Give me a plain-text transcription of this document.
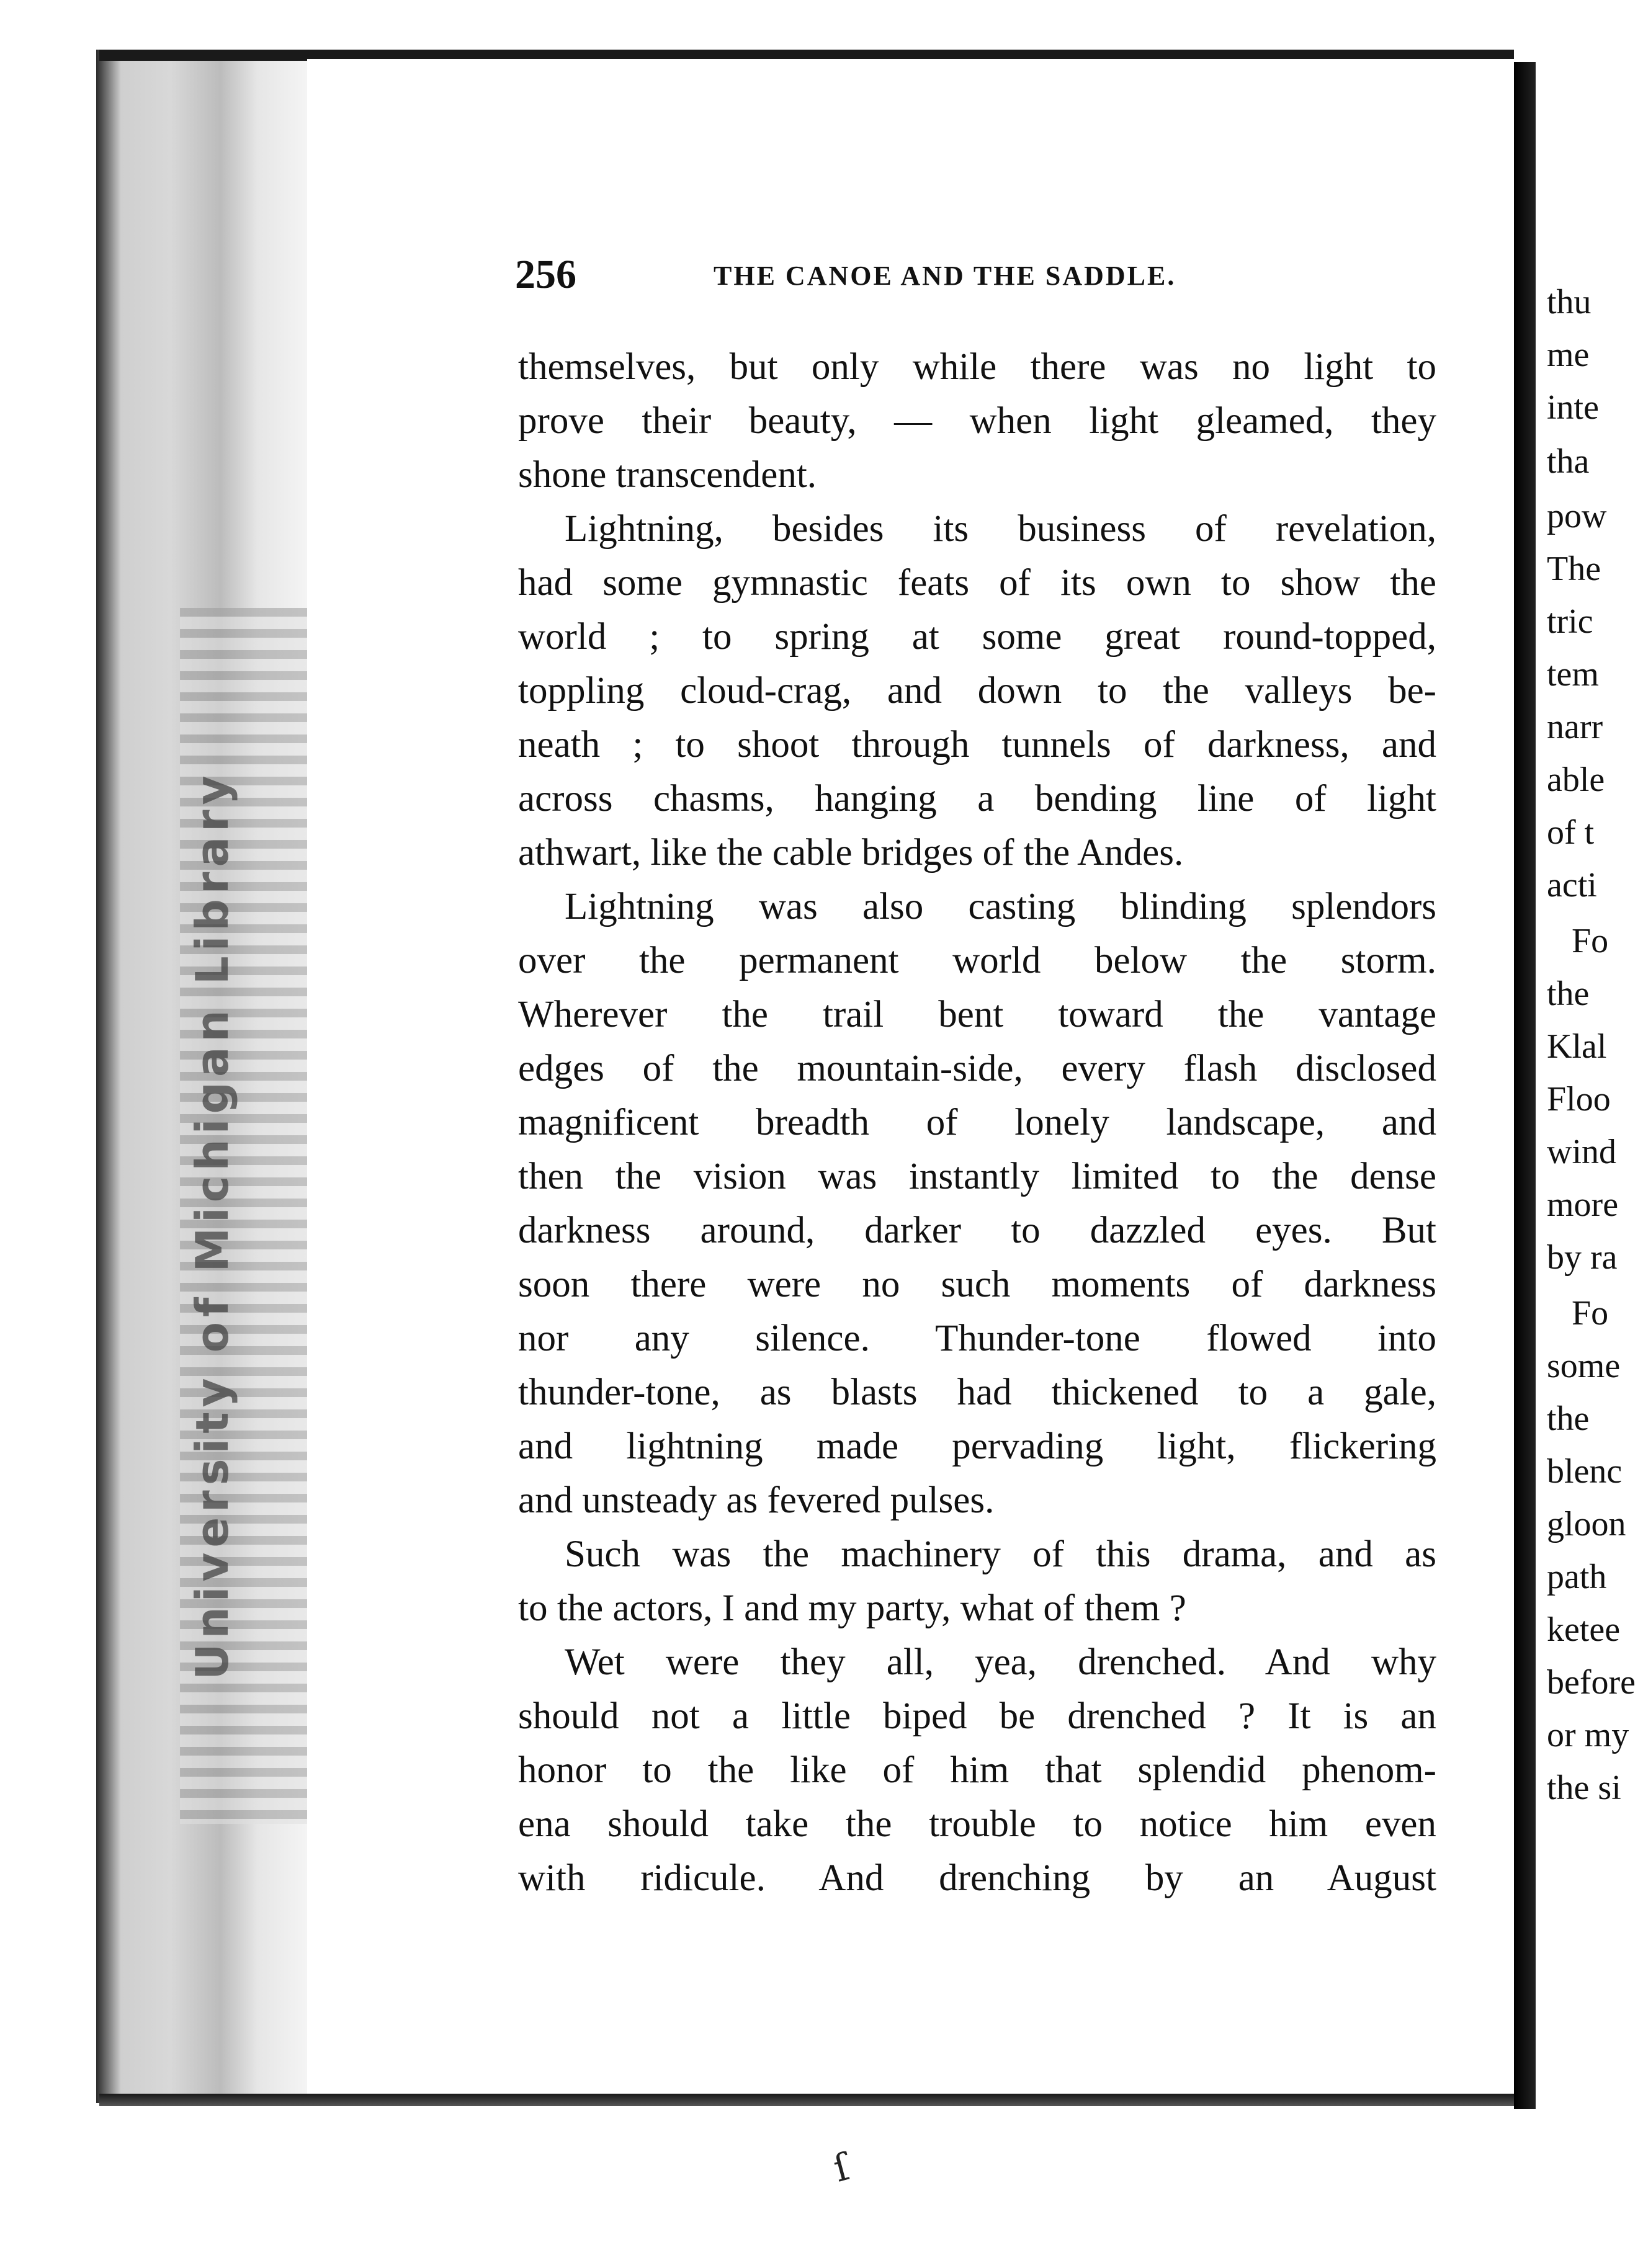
University of Michigan Library
thu
me
inte
tha
pow
The
tric
tem
narr
able
of t
acti
Fo
the
Klal
Floo
wind
more
by ra
Fo
some
the
blenc
gloon
path
ketee
before
or my
the si
256	THE CANOE AND THE SADDLE.
themselves, but only while there was no light to
prove their beauty, — when light gleamed, they
shone transcendent.
Lightning, besides its business of revelation,
had some gymnastic feats of its own to show the
world ; to spring at some great round-topped,
toppling cloud-crag, and down to the valleys be-
neath ; to shoot through tunnels of darkness, and
across chasms, hanging a bending line of light
athwart, like the cable bridges of the Andes.
Lightning was also casting blinding splendors
over the permanent world below the storm.
Wherever the trail bent toward the vantage
edges of the mountain-side, every flash disclosed
magnificent breadth of lonely landscape, and
then the vision was instantly limited to the dense
darkness around, darker to dazzled eyes. But
soon there were no such moments of darkness
nor any silence. Thunder-tone flowed into
thunder-tone, as blasts had thickened to a gale,
and lightning made pervading light, flickering
and unsteady as fevered pulses.
Such was the machinery of this drama, and as
to the actors, I and my party, what of them ?
Wet were they all, yea, drenched. And why
should not a little biped be drenched ? It is an
honor to the like of him that splendid phenom-
ena should take the trouble to notice him even
with ridicule. And drenching by an August
ſ
